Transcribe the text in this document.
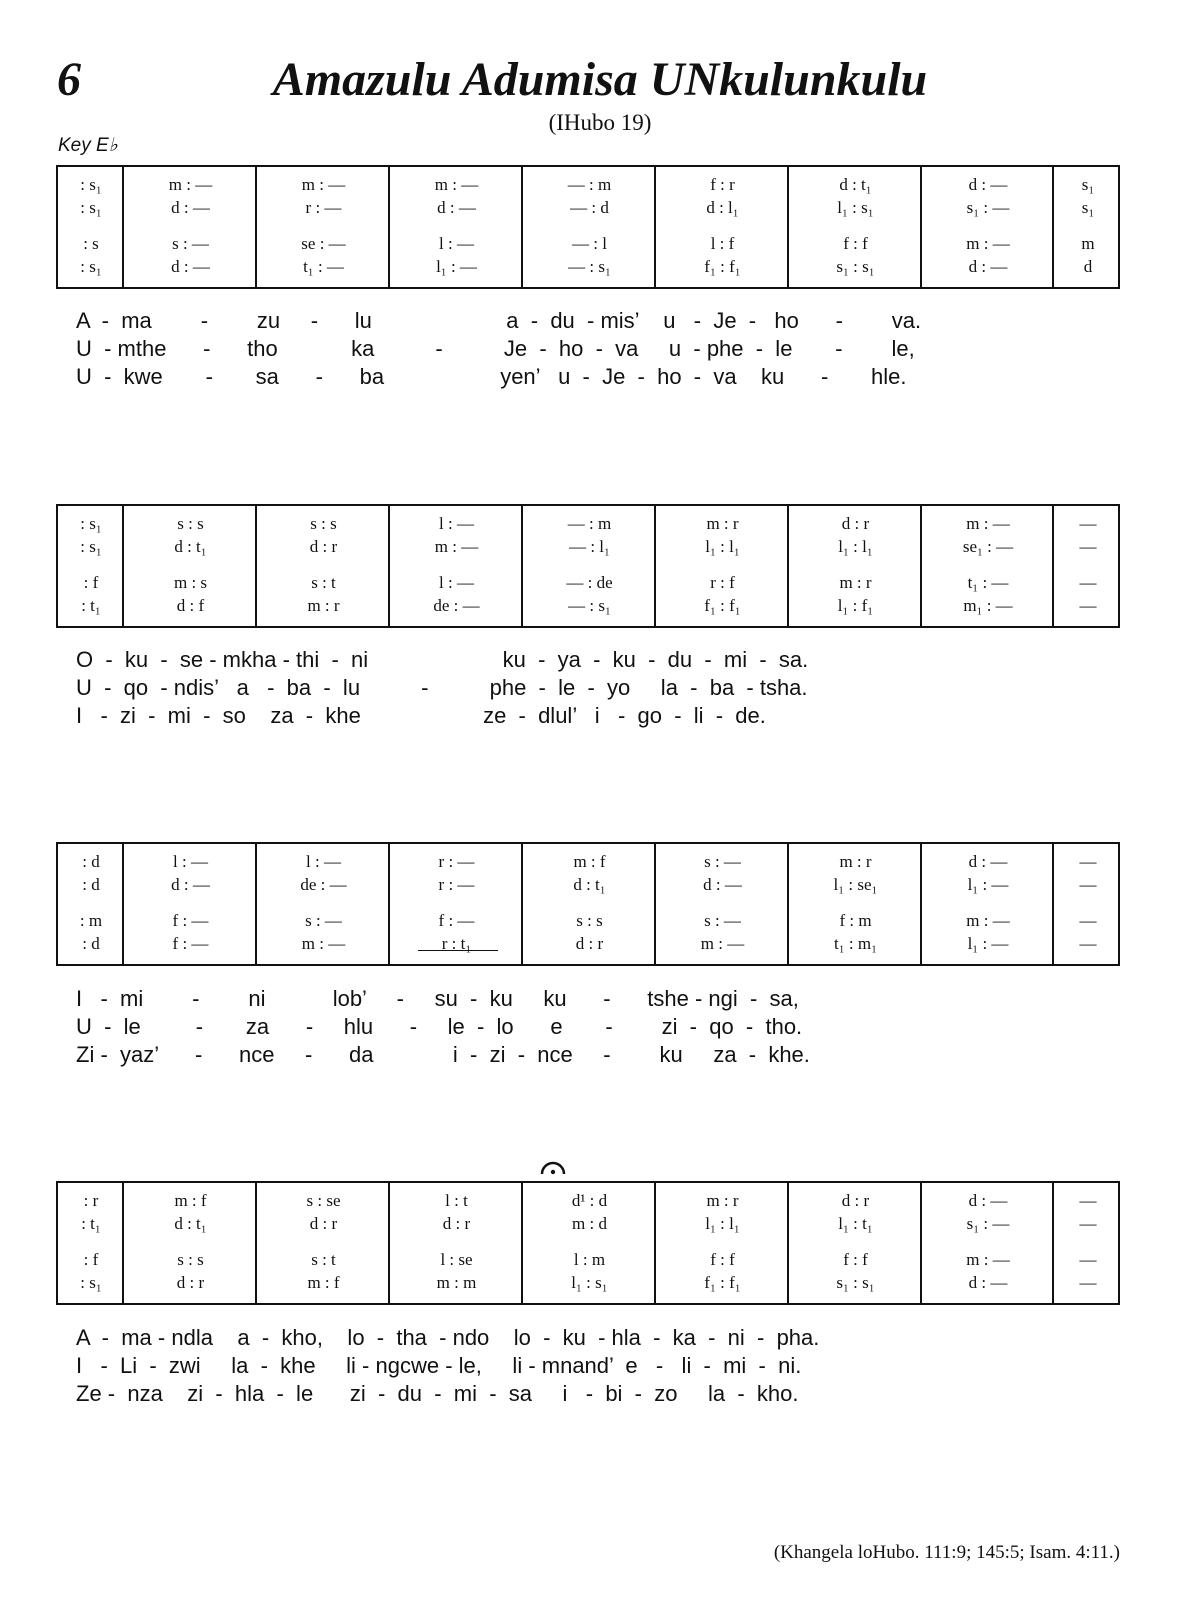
6	Amazulu Adumisa UNkulunkulu
(IHubo 19)
Key E♭
: s₁	m : —	m : —	m : —	— : m	f : r	d : t₁	d : —	s₁
: s₁	d : —	r : —	d : —	— : d	d : l₁	l₁ : s₁	s₁ : —	s₁
: s	s : —	se : —	l : —	— : l	l : f	f : f	m : —	m
: s₁	d : —	t₁ : —	l₁ : —	— : s₁	f₁ : f₁	s₁ : s₁	d : —	d
A  -  ma        -        zu     -      lu                      a  -  du  - mis’    u   -  Je  -   ho      -        va.
U  - mthe      -      tho            ka          -          Je  -  ho  -  va     u  - phe  -  le       -        le,
U  -  kwe       -       sa      -      ba                   yen’   u  -  Je  -  ho  -  va    ku      -       hle.
: s₁	s : s	s : s	l : —	— : m	m : r	d : r	m : —	—
: s₁	d : t₁	d : r	m : —	— : l₁	l₁ : l₁	l₁ : l₁	se₁ : —	—
: f	m : s	s : t	l : —	— : de	r : f	m : r	t₁ : —	—
: t₁	d : f	m : r	de : —	— : s₁	f₁ : f₁	l₁ : f₁	m₁ : —	—
O  -  ku  -  se - mkha - thi  -  ni                      ku  -  ya  -  ku  -  du  -  mi  -  sa.
U  -  qo  - ndis’   a   -  ba  -  lu          -          phe  -  le  -  yo     la  -  ba  - tsha.
I   -  zi  -  mi  -  so    za  -  khe                    ze  -  dlul’   i   -  go  -  li  -  de.
: d	l : —	l : —	r : —	m : f	s : —	m : r	d : —	—
: d	d : —	de : —	r : —	d : t₁	d : —	l₁ : se₁	l₁ : —	—
: m	f : —	s : —	f : —	s : s	s : —	f : m	m : —	—
: d	f : —	m : —	r : t₁	d : r	m : —	t₁ : m₁	l₁ : —	—
I   -  mi        -        ni           lob’     -     su  -  ku     ku      -      tshe - ngi  -  sa,
U  -  le         -       za      -     hlu      -     le  -  lo      e       -        zi  -  qo  -  tho.
Zi -  yaz’      -      nce     -      da             i  -  zi  -  nce     -        ku     za  -  khe.
: r	m : f	s : se	l : t	d¹ : d	m : r	d : r	d : —	—
: t₁	d : t₁	d : r	d : r	m : d	l₁ : l₁	l₁ : t₁	s₁ : —	—
: f	s : s	s : t	l : se	l : m	f : f	f : f	m : —	—
: s₁	d : r	m : f	m : m	l₁ : s₁	f₁ : f₁	s₁ : s₁	d : —	—
A  -  ma - ndla    a  -  kho,    lo  -  tha  - ndo    lo  -  ku  - hla  -  ka  -  ni  -  pha.
I   -  Li  -  zwi     la  -  khe     li - ngcwe - le,     li - mnand’  e   -   li  -  mi  -  ni.
Ze -  nza    zi  -  hla  -  le      zi  -  du  -  mi  -  sa     i   -  bi  -  zo     la  -  kho.
(Khangela loHubo. 111:9; 145:5; Isam. 4:11.)
